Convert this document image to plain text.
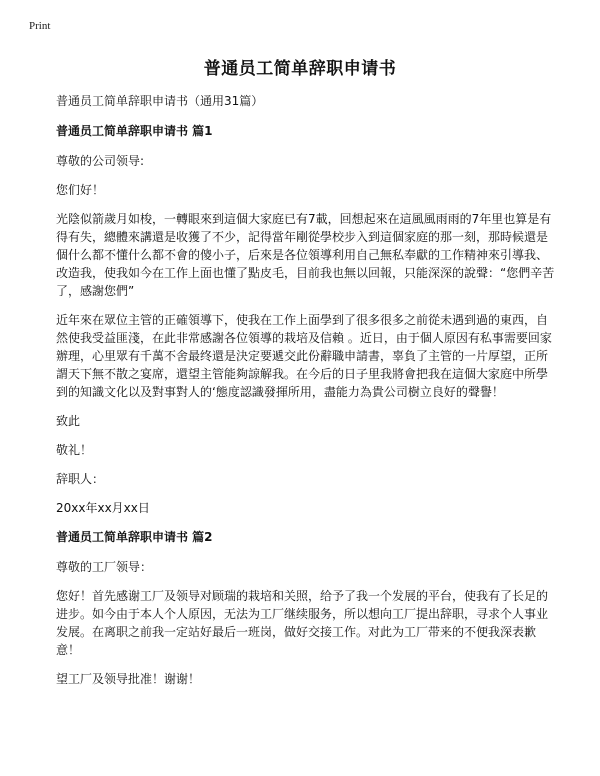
Print
普通员工简单辞职申请书

普通员工简单辞职申请书（通用31篇）

普通员工简单辞职申请书 篇1

尊敬的公司领导:

您们好！

光陰似箭歲月如梭，一轉眼來到這個大家庭已有7載，回想起來在這風風雨雨的7年里也算是有得有失，總體來講還是收獲了不少，記得當年剛從學校步入到這個家庭的那一刻，那時候還是個什么都不懂什么都不會的傻小子，后來是各位領導利用自己無私奉獻的工作精神來引導我、改造我，使我如今在工作上面也懂了點皮毛，目前我也無以回報，只能深深的說聲：“您們辛苦了，感謝您們”

近年來在眾位主管的正確領導下，使我在工作上面學到了很多很多之前從未遇到過的東西，自然使我受益匪淺，在此非常感謝各位領導的栽培及信賴 。近日，由于個人原因有私事需要回家辦理，心里眾有千萬不舍最终還是決定要遞交此份辭職申請書，辜負了主管的一片厚望，正所謂天下無不散之宴席，還望主管能夠諒解我。在今后的日子里我將會把我在這個大家庭中所學到的知識文化以及對事對人的‘態度認識發揮所用，盡能力為貴公司樹立良好的聲譽！

致此

敬礼！

辞职人：

20xx年xx月xx日

普通员工简单辞职申请书 篇2

尊敬的工厂领导：

您好！首先感谢工厂及领导对顾瑞的栽培和关照，给予了我一个发展的平台，使我有了长足的进步。如今由于本人个人原因，无法为工厂继续服务，所以想向工厂提出辞职，寻求个人事业发展。在离职之前我一定站好最后一班岗，做好交接工作。对此为工厂带来的不便我深表歉意！

望工厂及领导批准！谢谢！
